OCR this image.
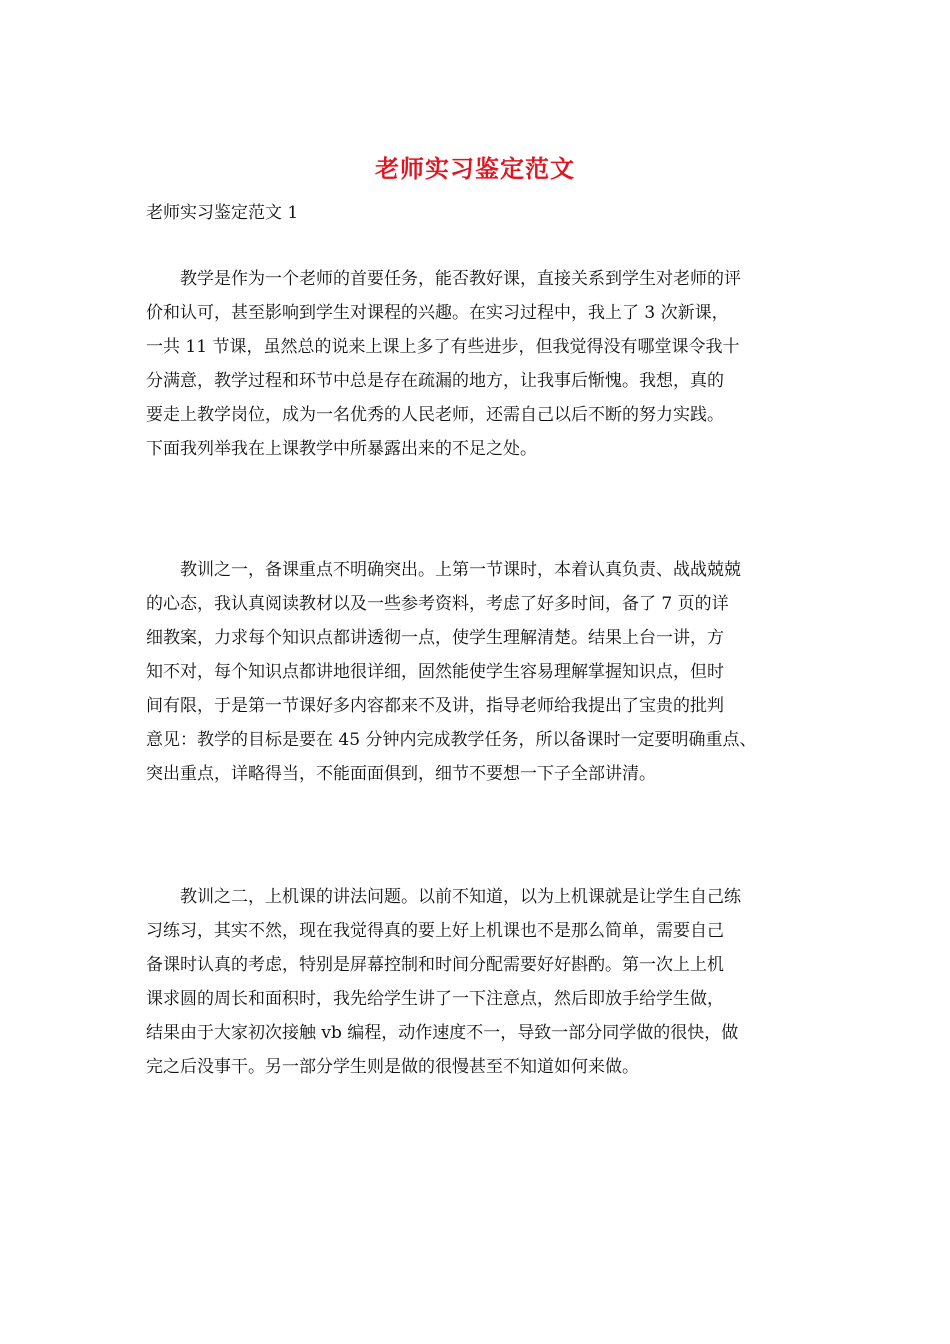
老师实习鉴定范文
老师实习鉴定范文 1
　　教学是作为一个老师的首要任务，能否教好课，直接关系到学生对老师的评
价和认可，甚至影响到学生对课程的兴趣。在实习过程中，我上了 3 次新课，
一共 11 节课，虽然总的说来上课上多了有些进步，但我觉得没有哪堂课令我十
分满意，教学过程和环节中总是存在疏漏的地方，让我事后惭愧。我想，真的
要走上教学岗位，成为一名优秀的人民老师，还需自己以后不断的努力实践。
下面我列举我在上课教学中所暴露出来的不足之处。
　　教训之一，备课重点不明确突出。上第一节课时，本着认真负责、战战兢兢
的心态，我认真阅读教材以及一些参考资料，考虑了好多时间，备了 7 页的详
细教案，力求每个知识点都讲透彻一点，使学生理解清楚。结果上台一讲，方
知不对，每个知识点都讲地很详细，固然能使学生容易理解掌握知识点，但时
间有限，于是第一节课好多内容都来不及讲，指导老师给我提出了宝贵的批判
意见：教学的目标是要在 45 分钟内完成教学任务，所以备课时一定要明确重点、
突出重点，详略得当，不能面面俱到，细节不要想一下子全部讲清。
　　教训之二，上机课的讲法问题。以前不知道，以为上机课就是让学生自己练
习练习，其实不然，现在我觉得真的要上好上机课也不是那么简单，需要自己
备课时认真的考虑，特别是屏幕控制和时间分配需要好好斟酌。第一次上上机
课求圆的周长和面积时，我先给学生讲了一下注意点，然后即放手给学生做，
结果由于大家初次接触 vb 编程，动作速度不一，导致一部分同学做的很快，做
完之后没事干。另一部分学生则是做的很慢甚至不知道如何来做。
